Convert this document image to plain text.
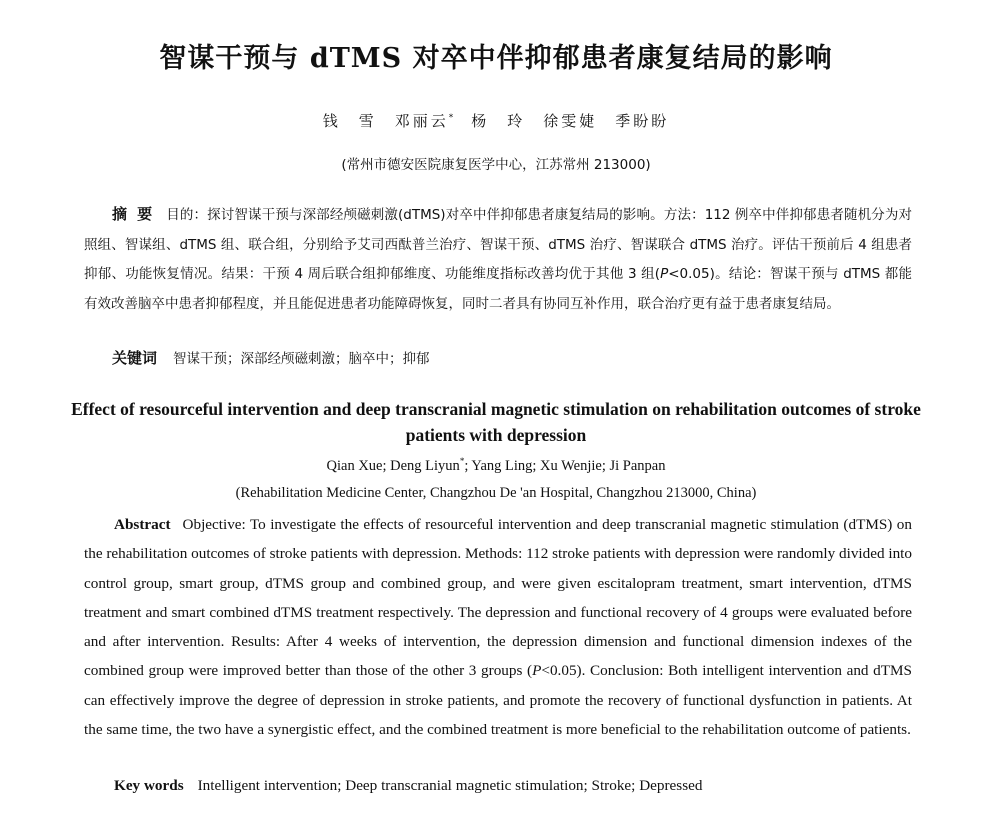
智谋干预与 dTMS 对卒中伴抑郁患者康复结局的影响
钱　雪　邓丽云*　杨　玲　徐雯婕　季盼盼
(常州市德安医院康复医学中心，江苏常州 213000)
摘要 目的：探讨智谋干预与深部经颅磁刺激(dTMS)对卒中伴抑郁患者康复结局的影响。方法：112 例卒中伴抑郁患者随机分为对照组、智谋组、dTMS 组、联合组，分别给予艾司西酞普兰治疗、智谋干预、dTMS 治疗、智谋联合 dTMS 治疗。评估干预前后 4 组患者抑郁、功能恢复情况。结果：干预 4 周后联合组抑郁维度、功能维度指标改善均优于其他 3 组(P<0.05)。结论：智谋干预与 dTMS 都能有效改善脑卒中患者抑郁程度，并且能促进患者功能障碍恢复，同时二者具有协同互补作用，联合治疗更有益于患者康复结局。
关键词 智谋干预；深部经颅磁刺激；脑卒中；抑郁
Effect of resourceful intervention and deep transcranial magnetic stimulation on rehabilitation outcomes of stroke patients with depression
Qian Xue; Deng Liyun*; Yang Ling; Xu Wenjie; Ji Panpan
(Rehabilitation Medicine Center, Changzhou De 'an Hospital, Changzhou 213000, China)
Abstract Objective: To investigate the effects of resourceful intervention and deep transcranial magnetic stimulation (dTMS) on the rehabilitation outcomes of stroke patients with depression. Methods: 112 stroke patients with depression were randomly divided into control group, smart group, dTMS group and combined group, and were given escitalopram treatment, smart intervention, dTMS treatment and smart combined dTMS treatment respectively. The depression and functional recovery of 4 groups were evaluated before and after intervention. Results: After 4 weeks of intervention, the depression dimension and functional dimension indexes of the combined group were improved better than those of the other 3 groups (P<0.05). Conclusion: Both intelligent intervention and dTMS can effectively improve the degree of depression in stroke patients, and promote the recovery of functional dysfunction in patients. At the same time, the two have a synergistic effect, and the combined treatment is more beneficial to the rehabilitation outcome of patients.
Key words Intelligent intervention; Deep transcranial magnetic stimulation; Stroke; Depressed
